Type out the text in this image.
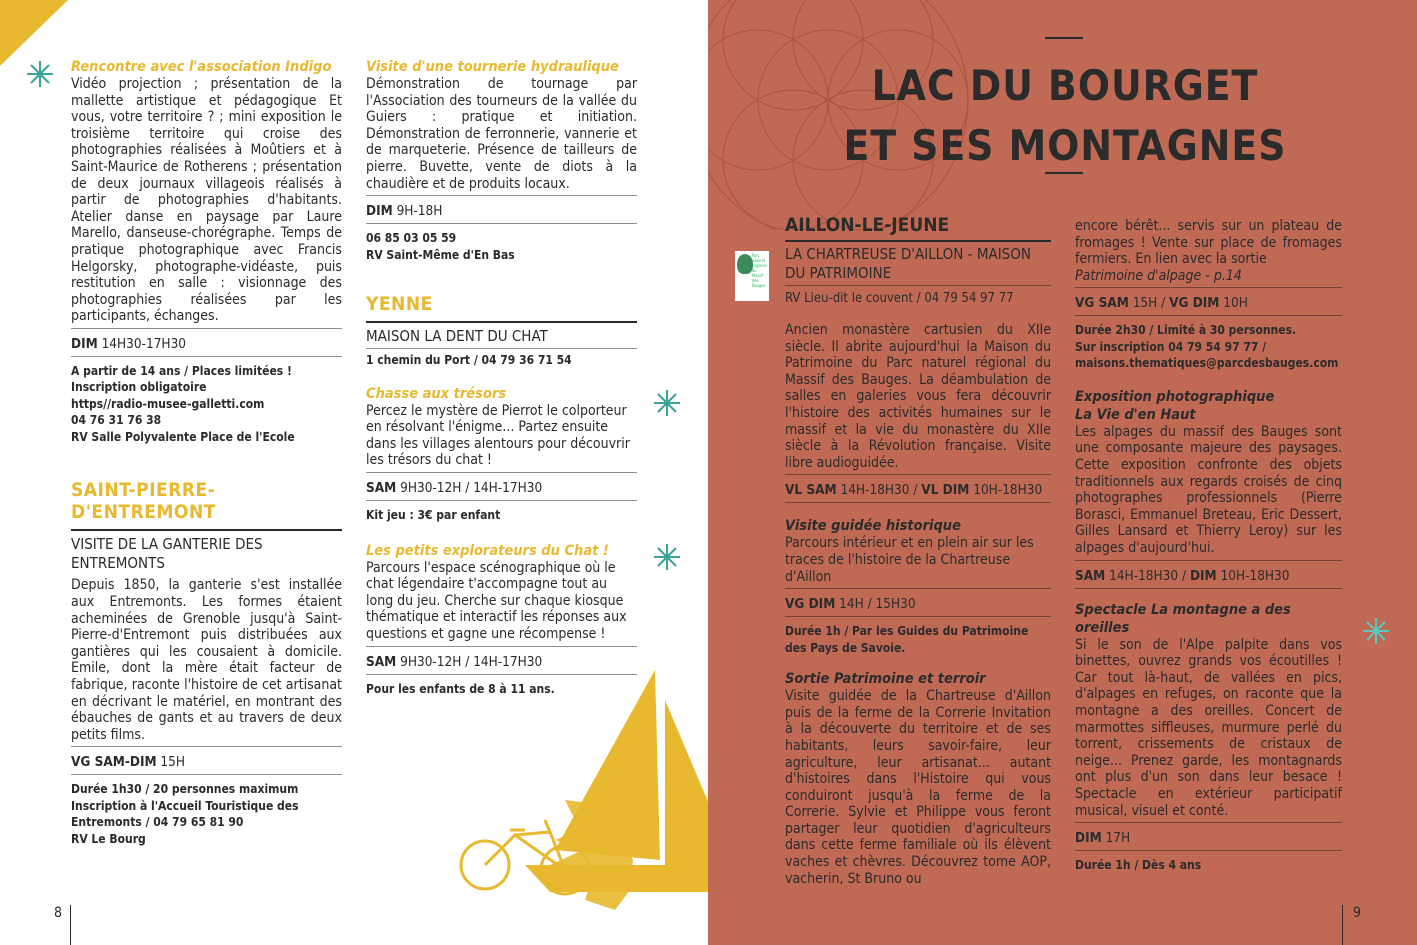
Rencontre avec l'association Indigo

Vidéo projection ; présentation de la mallette artistique et pédagogique Et vous, votre territoire ? ; mini exposition le troisième territoire qui croise des photographies réalisées à Moûtiers et à Saint-Maurice de Rotherens ; présentation de deux journaux villageois réalisés à partir de photographies d'habitants. Atelier danse en paysage par Laure Marello, danseuse-chorégraphe. Temps de pratique photographique avec Francis Helgorsky, photographe-vidéaste, puis restitution en salle : visionnage des photographies réalisées par les participants, échanges.

DIM 14H30-17H30

A partir de 14 ans / Places limitées !

Inscription obligatoire

https//radio-musee-galletti.com

04 76 31 76 38

RV Salle Polyvalente Place de l'Ecole

SAINT-PIERRE-D'ENTREMONT

VISITE DE LA GANTERIE DES ENTREMONTS

Depuis 1850, la ganterie s'est installée aux Entremonts. Les formes étaient acheminées de Grenoble jusqu'à Saint-Pierre-d'Entremont puis distribuées aux gantières qui les cousaient à domicile. Emile, dont la mère était facteur de fabrique, raconte l'histoire de cet artisanat en décrivant le matériel, en montrant des ébauches de gants et au travers de deux petits films.

VG SAM-DIM 15H

Durée 1h30 / 20 personnes maximum

Inscription à l'Accueil Touristique des Entremonts / 04 79 65 81 90

RV Le Bourg

Visite d'une tournerie hydraulique

Démonstration de tournage par l'Association des tourneurs de la vallée du Guiers : pratique et initiation. Démonstration de ferronnerie, vannerie et de marqueterie. Présence de tailleurs de pierre. Buvette, vente de diots à la chaudière et de produits locaux.

DIM 9H-18H

06 85 03 05 59

RV Saint-Même d'En Bas

YENNE

MAISON LA DENT DU CHAT

1 chemin du Port / 04 79 36 71 54

Chasse aux trésors

Percez le mystère de Pierrot le colporteur en résolvant l'énigme... Partez ensuite dans les villages alentours pour découvrir les trésors du chat !

SAM 9H30-12H / 14H-17H30

Kit jeu : 3€ par enfant

Les petits explorateurs du Chat !

Parcours l'espace scénographique où le chat légendaire t'accompagne tout au long du jeu. Cherche sur chaque kiosque thématique et interactif les réponses aux questions et gagne une récompense !

SAM 9H30-12H / 14H-17H30

Pour les enfants de 8 à 11 ans.

8
LAC DU BOURGET
ET SES MONTAGNES
Parc naturel régional du Massif des Bauges

AILLON-LE-JEUNE

LA CHARTREUSE D'AILLON - MAISON DU PATRIMOINE

RV Lieu-dit le couvent / 04 79 54 97 77

Ancien monastère cartusien du XIIe siècle. Il abrite aujourd'hui la Maison du Patrimoine du Parc naturel régional du Massif des Bauges. La déambulation de salles en galeries vous fera découvrir l'histoire des activités humaines sur le massif et la vie du monastère du XIIe siècle à la Révolution française. Visite libre audioguidée.

VL SAM 14H-18H30 / VL DIM 10H-18H30

Visite guidée historique

Parcours intérieur et en plein air sur les traces de l'histoire de la Chartreuse d'Aillon

VG DIM 14H / 15H30

Durée 1h / Par les Guides du Patrimoine des Pays de Savoie.

Sortie Patrimoine et terroir

Visite guidée de la Chartreuse d'Aillon puis de la ferme de la Correrie Invitation à la découverte du territoire et de ses habitants, leurs savoir-faire, leur agriculture, leur artisanat... autant d'histoires dans l'Histoire qui vous conduiront jusqu'à la ferme de la Correrie. Sylvie et Philippe vous feront partager leur quotidien d'agriculteurs dans cette ferme familiale où ils élèvent vaches et chèvres. Découvrez tome AOP, vacherin, St Bruno ou

encore bérêt... servis sur un plateau de fromages ! Vente sur place de fromages fermiers. En lien avec la sortie

Patrimoine d'alpage - p.14

VG SAM 15H / VG DIM 10H

Durée 2h30 / Limité à 30 personnes.

Sur inscription 04 79 54 97 77 /

maisons.thematiques@parcdesbauges.com

Exposition photographique

La Vie d'en Haut

Les alpages du massif des Bauges sont une composante majeure des paysages. Cette exposition confronte des objets traditionnels aux regards croisés de cinq photographes professionnels (Pierre Borasci, Emmanuel Breteau, Eric Dessert, Gilles Lansard et Thierry Leroy) sur les alpages d'aujourd'hui.

SAM 14H-18H30 / DIM 10H-18H30

Spectacle La montagne a des oreilles

Si le son de l'Alpe palpite dans vos binettes, ouvrez grands vos écoutilles ! Car tout là-haut, de vallées en pics, d'alpages en refuges, on raconte que la montagne a des oreilles. Concert de marmottes siffleuses, murmure perlé du torrent, crissements de cristaux de neige... Prenez garde, les montagnards ont plus d'un son dans leur besace ! Spectacle en extérieur participatif musical, visuel et conté.

DIM 17H

Durée 1h / Dès 4 ans

9
